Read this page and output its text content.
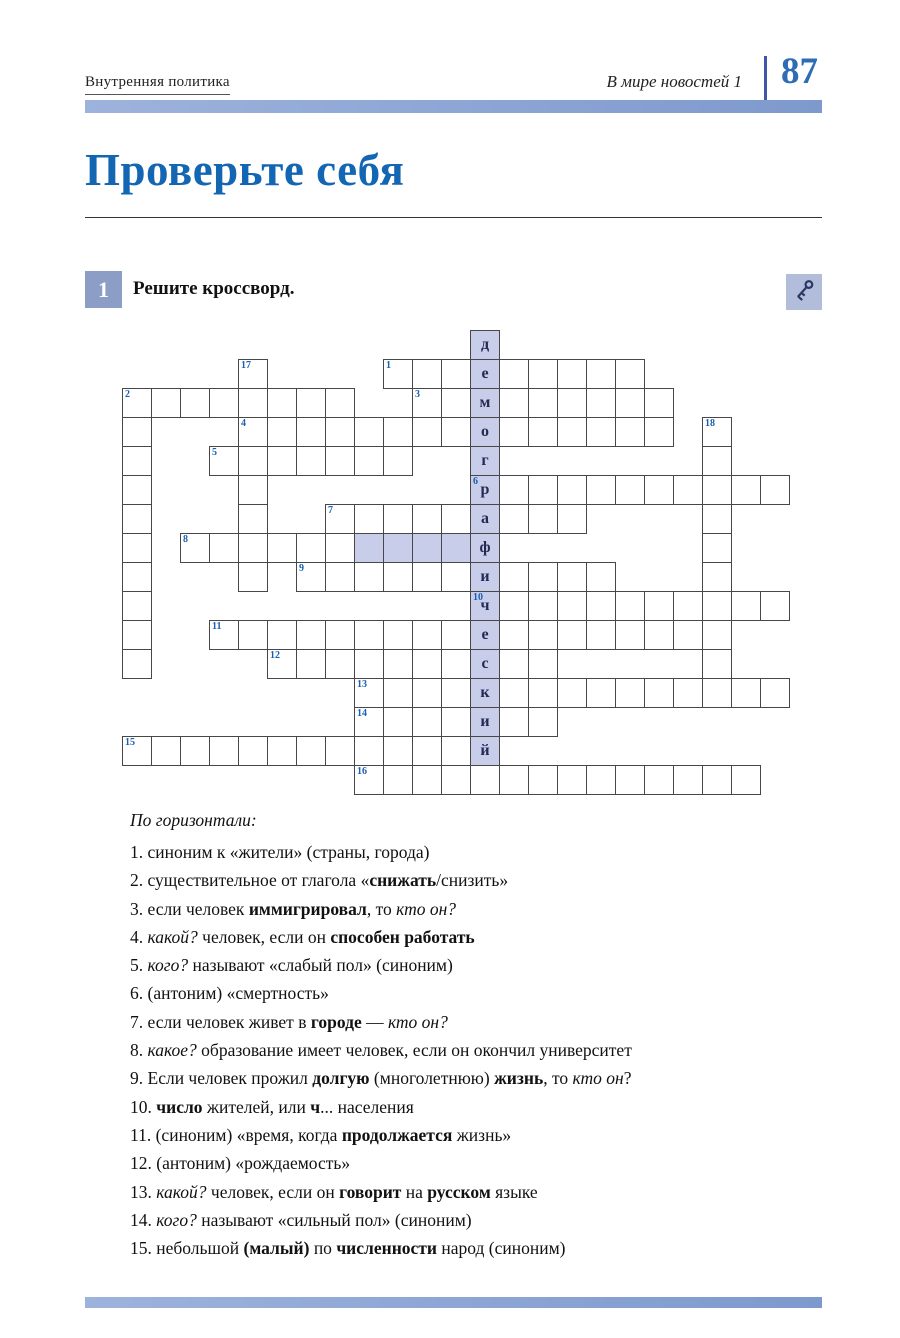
Внутренняя политика	В мире новостей 1 87
Проверьте себя
1	Решите кроссворд.
д
е
м
о
г
6 р
а
ф
и
10
ч
е
с
к
и
й
17
4
1
2	3
18
5
7
8
9
11
12
13
14
15
16
По горизонтали:
1. синоним к «жители» (страны, города)
2. существительное от глагола «снижать/снизить»
3. если человек иммигрировал, то кто он?
4. какой? человек, если он способен работать
5. кого? называют «слабый пол» (синоним)
6. (антоним) «смертность»
7. если человек живет в городе — кто он?
8. какое? образование имеет человек, если он окончил университет
9. Если человек прожил долгую (многолетнюю) жизнь, то кто он?
10. число жителей, или ч... населения
11. (синоним) «время, когда продолжается жизнь»
12. (антоним) «рождаемость»
13. какой? человек, если он говорит на русском языке
14. кого? называют «сильный пол» (синоним)
15. небольшой (малый) по численности народ (синоним)
